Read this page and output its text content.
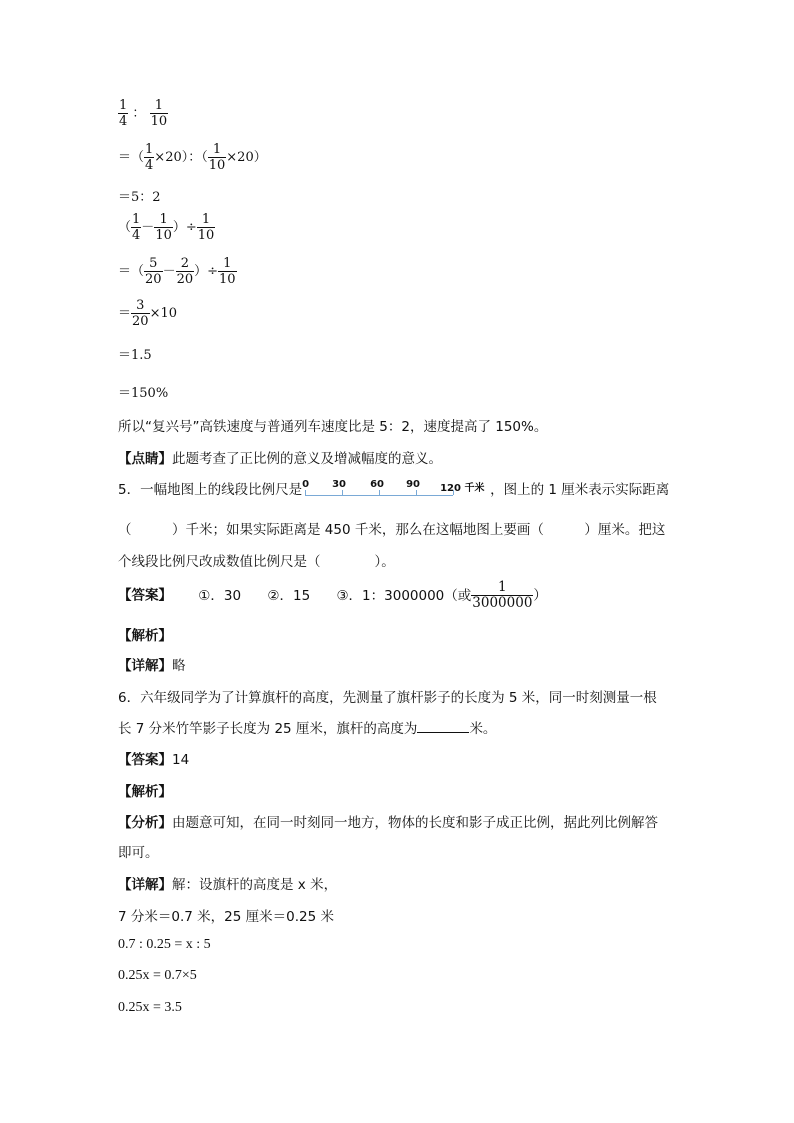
$\frac{1}{4}$ ： $\frac{1}{10}$
＝（ $\frac{1}{4} \times 20$）：（ $\frac{1}{10} \times 20$）
＝5：2
（ $\frac{1}{4} - \frac{1}{10}$ ）÷ $\frac{1}{10}$
＝（ $\frac{5}{20} - \frac{2}{20}$ ）÷ $\frac{1}{10}$
＝ $\frac{3}{20} \times 10$
＝1.5
＝150%
所以“复兴号”高铁速度与普通列车速度比是 5：2，速度提高了 150%。
【点睛】此题考查了正比例的意义及增减幅度的意义。
5．一幅地图上的线段比例尺是 0 30 60 90 120 千米 ，图上的 1 厘米表示实际距离
（　　　）千米；如果实际距离是 450 千米，那么在这幅地图上要画（　　　）厘米。把这
个线段比例尺改成数值比例尺是（　　　　）。
【答案】 ①．30 ②．15 ③．1：3000000（或 $\frac{1}{3000000}$ ）
【解析】
【详解】略
6．六年级同学为了计算旗杆的高度，先测量了旗杆影子的长度为 5 米，同一时刻测量一根
长 7 分米竹竿影子长度为 25 厘米，旗杆的高度为	米。
【答案】14
【解析】
【分析】由题意可知，在同一时刻同一地方，物体的长度和影子成正比例，据此列比例解答
即可。
【详解】解：设旗杆的高度是 x 米，
7 分米＝0.7 米，25 厘米＝0.25 米
0.7 : 0.25 = x : 5
0.25x = 0.7×5
0.25x = 3.5
